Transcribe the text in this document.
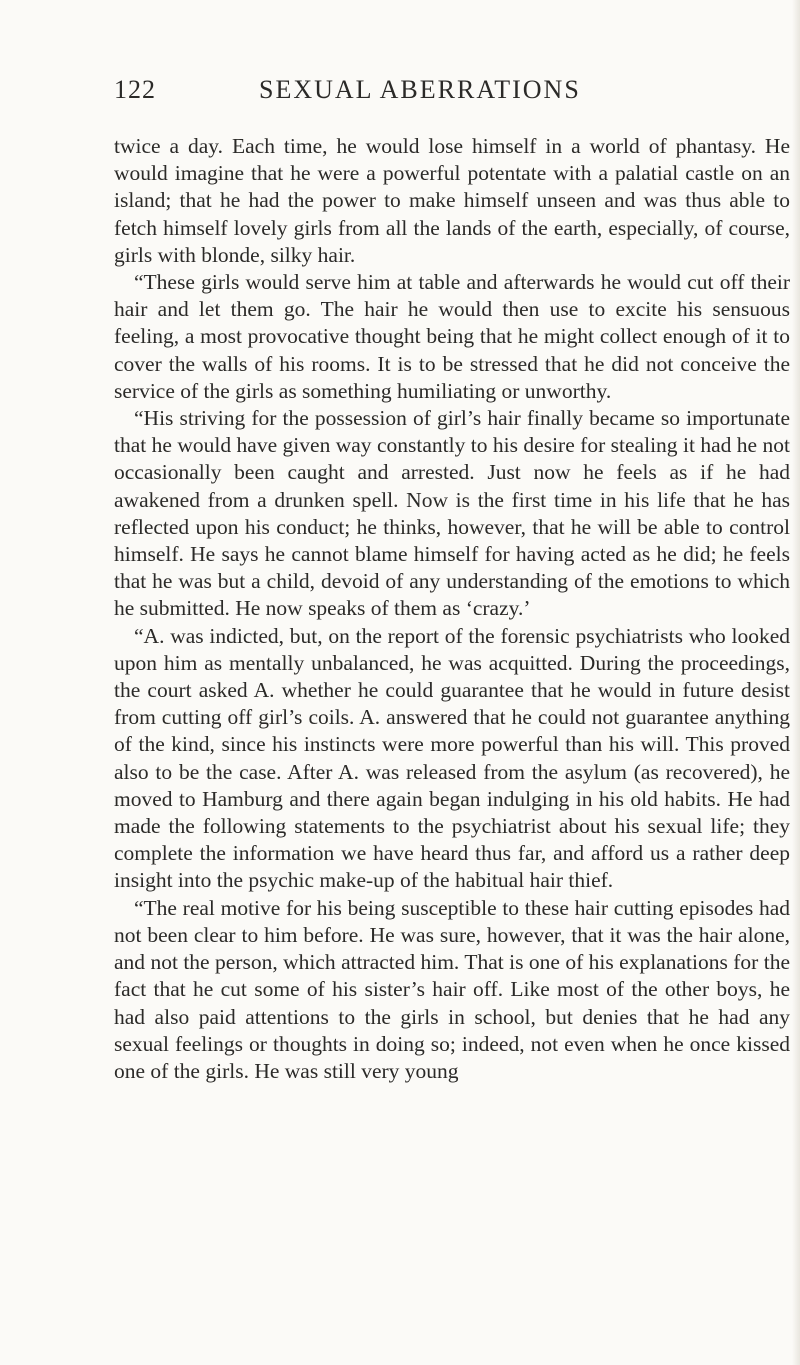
122	SEXUAL ABERRATIONS

twice a day. Each time, he would lose himself in a world of phantasy. He would imagine that he were a powerful potentate with a palatial castle on an island; that he had the power to make himself unseen and was thus able to fetch himself lovely girls from all the lands of the earth, especially, of course, girls with blonde, silky hair.

“These girls would serve him at table and afterwards he would cut off their hair and let them go. The hair he would then use to excite his sensuous feeling, a most provocative thought being that he might collect enough of it to cover the walls of his rooms. It is to be stressed that he did not conceive the service of the girls as something humiliating or unworthy.

“His striving for the possession of girl’s hair finally became so importunate that he would have given way constantly to his desire for stealing it had he not occasionally been caught and arrested. Just now he feels as if he had awakened from a drunken spell. Now is the first time in his life that he has reflected upon his conduct; he thinks, however, that he will be able to control himself. He says he cannot blame himself for having acted as he did; he feels that he was but a child, devoid of any understanding of the emotions to which he submitted. He now speaks of them as ‘crazy.’

“A. was indicted, but, on the report of the forensic psychiatrists who looked upon him as mentally unbalanced, he was acquitted. During the proceedings, the court asked A. whether he could guarantee that he would in future desist from cutting off girl’s coils. A. answered that he could not guarantee anything of the kind, since his instincts were more powerful than his will. This proved also to be the case. After A. was released from the asylum (as recovered), he moved to Hamburg and there again began indulging in his old habits. He had made the following statements to the psychiatrist about his sexual life; they complete the information we have heard thus far, and afford us a rather deep insight into the psychic make-up of the habitual hair thief.

“The real motive for his being susceptible to these hair cutting episodes had not been clear to him before. He was sure, however, that it was the hair alone, and not the person, which attracted him. That is one of his explanations for the fact that he cut some of his sister’s hair off. Like most of the other boys, he had also paid attentions to the girls in school, but denies that he had any sexual feelings or thoughts in doing so; indeed, not even when he once kissed one of the girls. He was still very young
